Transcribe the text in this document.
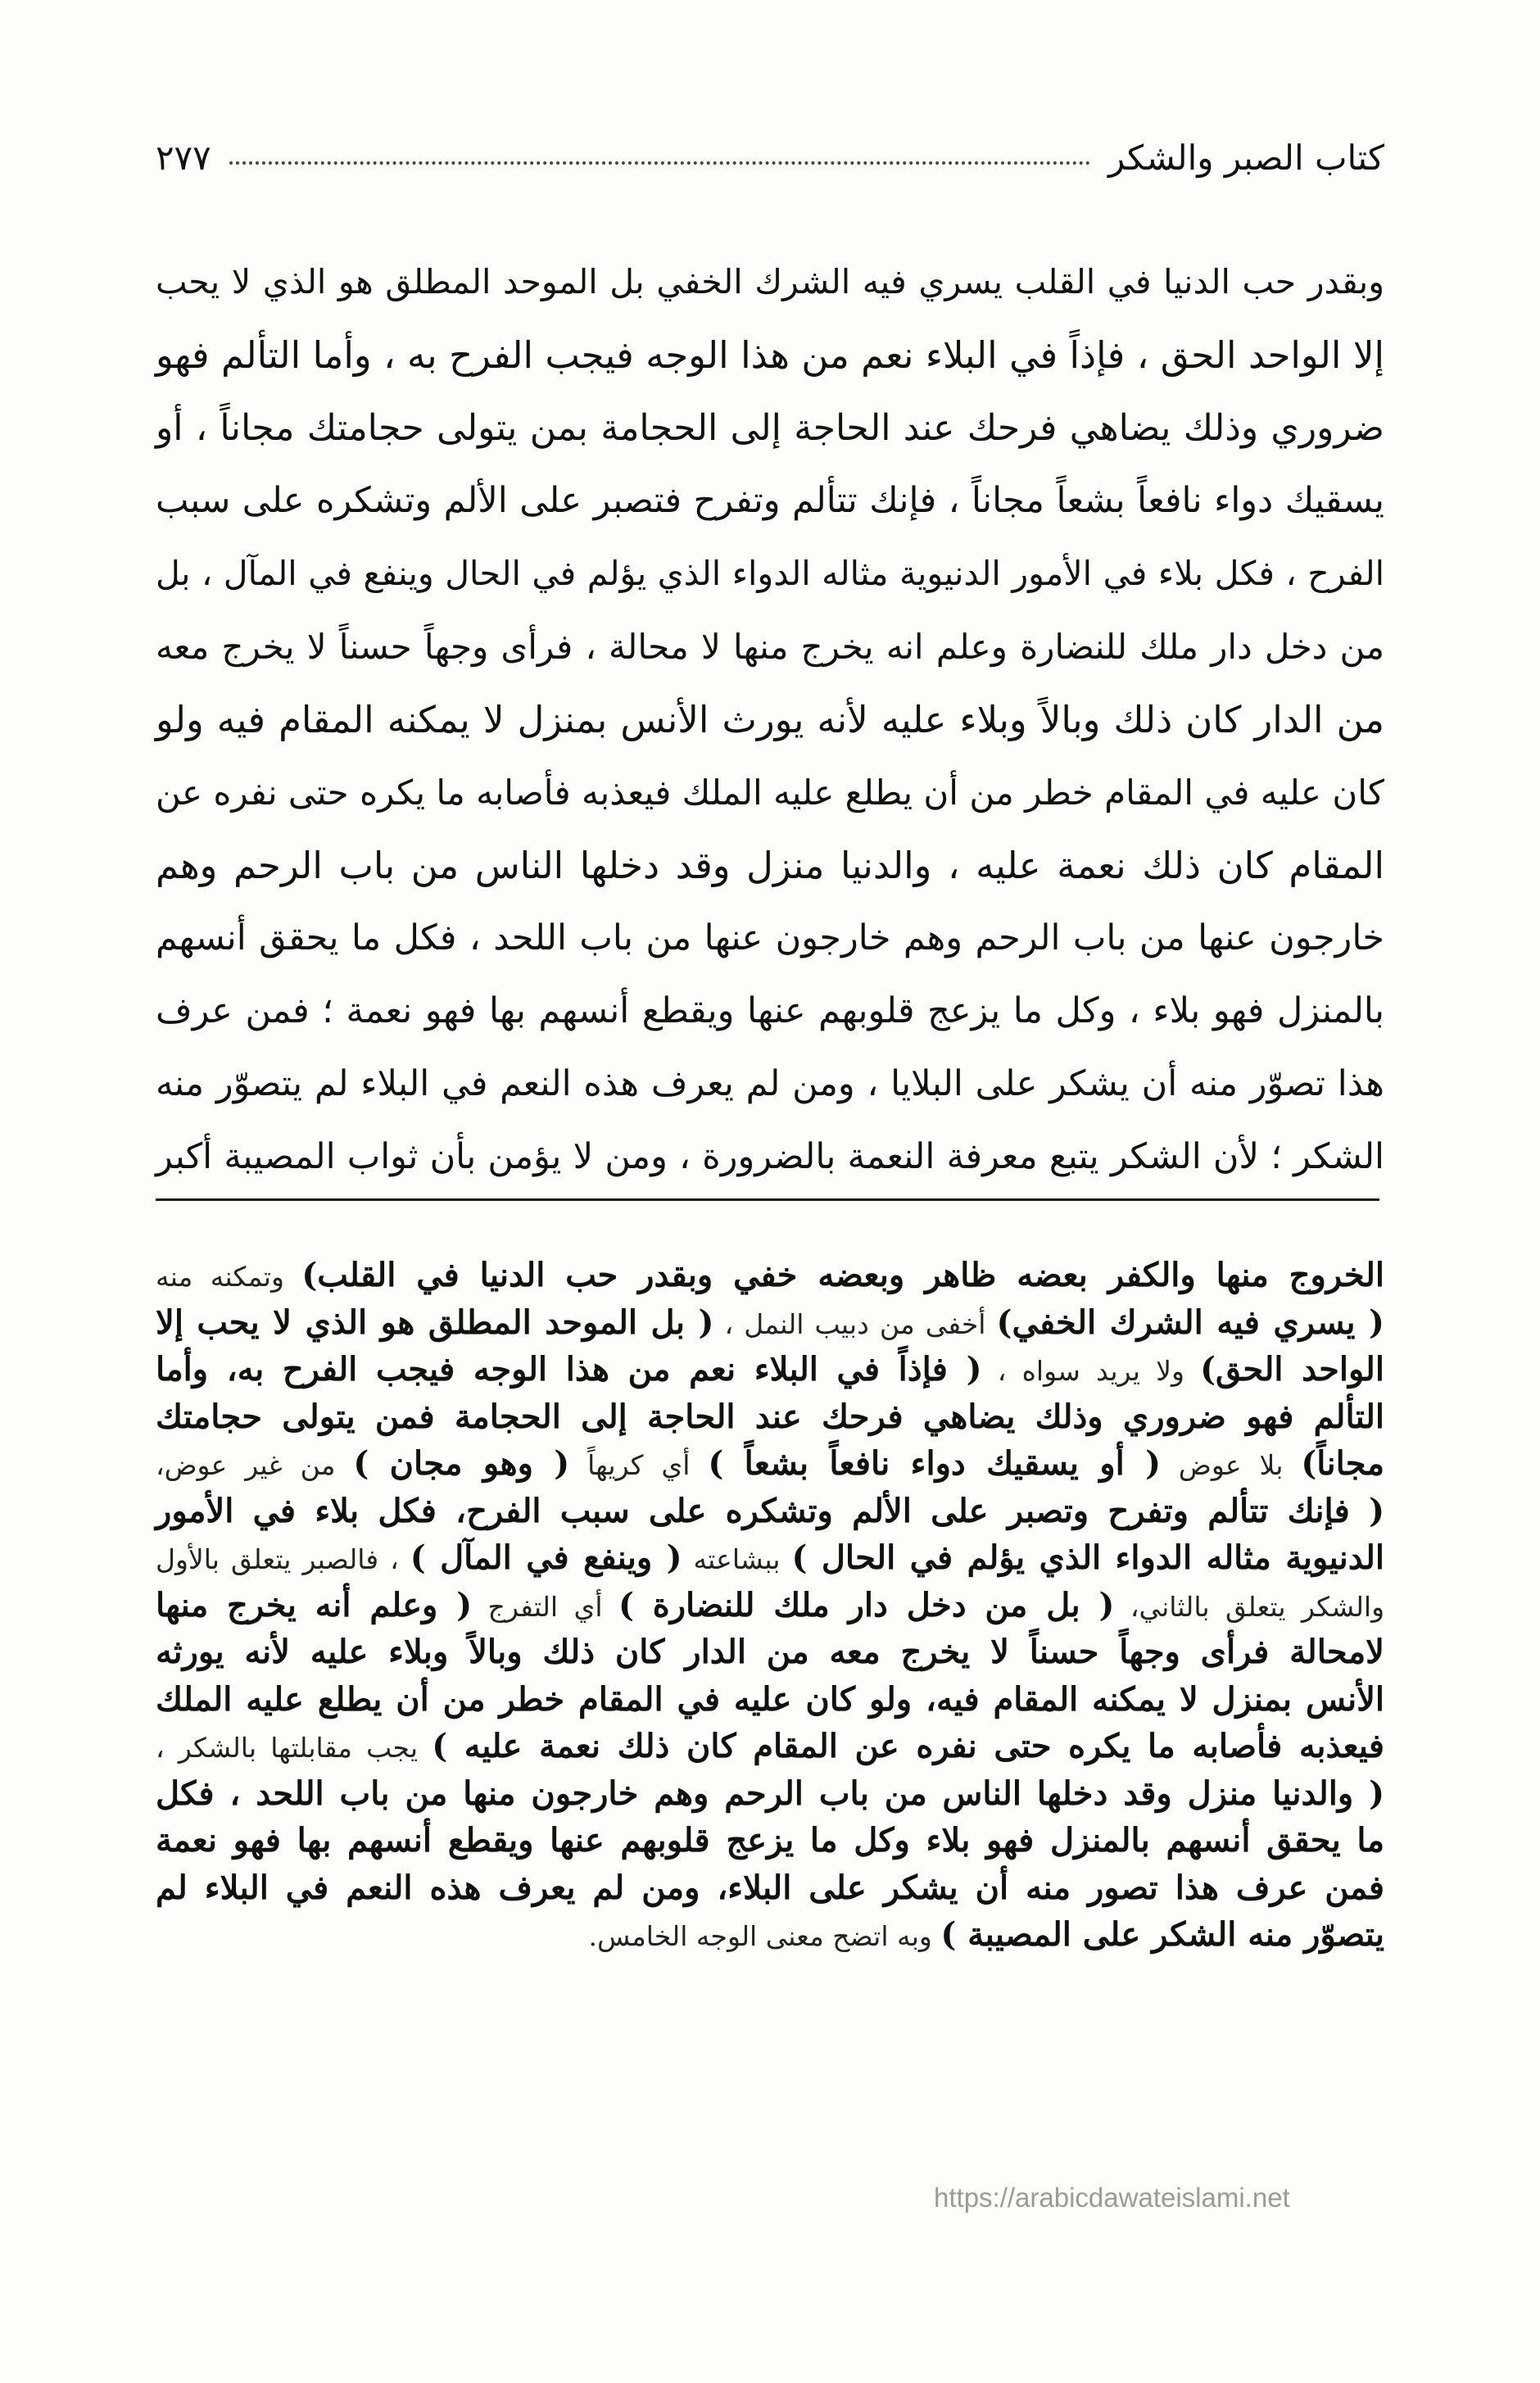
كتاب الصبر والشكر
٢٧٧
وبقدر حب الدنيا في القلب يسري فيه الشرك الخفي بل الموحد المطلق هو الذي لا يحب
إلا الواحد الحق ، فإذاً في البلاء نعم من هذا الوجه فيجب الفرح به ، وأما التألم فهو
ضروري وذلك يضاهي فرحك عند الحاجة إلى الحجامة بمن يتولى حجامتك مجاناً ، أو
يسقيك دواء نافعاً بشعاً مجاناً ، فإنك تتألم وتفرح فتصبر على الألم وتشكره على سبب
الفرح ، فكل بلاء في الأمور الدنيوية مثاله الدواء الذي يؤلم في الحال وينفع في المآل ، بل
من دخل دار ملك للنضارة وعلم انه يخرج منها لا محالة ، فرأى وجهاً حسناً لا يخرج معه
من الدار كان ذلك وبالاً وبلاء عليه لأنه يورث الأنس بمنزل لا يمكنه المقام فيه ولو
كان عليه في المقام خطر من أن يطلع عليه الملك فيعذبه فأصابه ما يكره حتى نفره عن
المقام كان ذلك نعمة عليه ، والدنيا منزل وقد دخلها الناس من باب الرحم وهم
خارجون عنها من باب الرحم وهم خارجون عنها من باب اللحد ، فكل ما يحقق أنسهم
بالمنزل فهو بلاء ، وكل ما يزعج قلوبهم عنها ويقطع أنسهم بها فهو نعمة ؛ فمن عرف
هذا تصوّر منه أن يشكر على البلايا ، ومن لم يعرف هذه النعم في البلاء لم يتصوّر منه
الشكر ؛ لأن الشكر يتبع معرفة النعمة بالضرورة ، ومن لا يؤمن بأن ثواب المصيبة أكبر
الخروج منها والكفر بعضه ظاهر وبعضه خفي وبقدر حب الدنيا في القلب) وتمكنه منه
( يسري فيه الشرك الخفي) أخفى من دبيب النمل ، ( بل الموحد المطلق هو الذي لا يحب إلا
الواحد الحق) ولا يريد سواه ، ( فإذاً في البلاء نعم من هذا الوجه فيجب الفرح به، وأما
التألم فهو ضروري وذلك يضاهي فرحك عند الحاجة إلى الحجامة فمن يتولى حجامتك
مجاناً) بلا عوض ( أو يسقيك دواء نافعاً بشعاً ) أي كريهاً ( وهو مجان ) من غير عوض،
( فإنك تتألم وتفرح وتصبر على الألم وتشكره على سبب الفرح، فكل بلاء في الأمور
الدنيوية مثاله الدواء الذي يؤلم في الحال ) ببشاعته ( وينفع في المآل ) ، فالصبر يتعلق بالأول
والشكر يتعلق بالثاني، ( بل من دخل دار ملك للنضارة ) أي التفرج ( وعلم أنه يخرج منها
لامحالة فرأى وجهاً حسناً لا يخرج معه من الدار كان ذلك وبالاً وبلاء عليه لأنه يورثه
الأنس بمنزل لا يمكنه المقام فيه، ولو كان عليه في المقام خطر من أن يطلع عليه الملك
فيعذبه فأصابه ما يكره حتى نفره عن المقام كان ذلك نعمة عليه ) يجب مقابلتها بالشكر ،
( والدنيا منزل وقد دخلها الناس من باب الرحم وهم خارجون منها من باب اللحد ، فكل
ما يحقق أنسهم بالمنزل فهو بلاء وكل ما يزعج قلوبهم عنها ويقطع أنسهم بها فهو نعمة
فمن عرف هذا تصور منه أن يشكر على البلاء، ومن لم يعرف هذه النعم في البلاء لم
يتصوّر منه الشكر على المصيبة ) وبه اتضح معنى الوجه الخامس.
https://arabicdawateislami.net
